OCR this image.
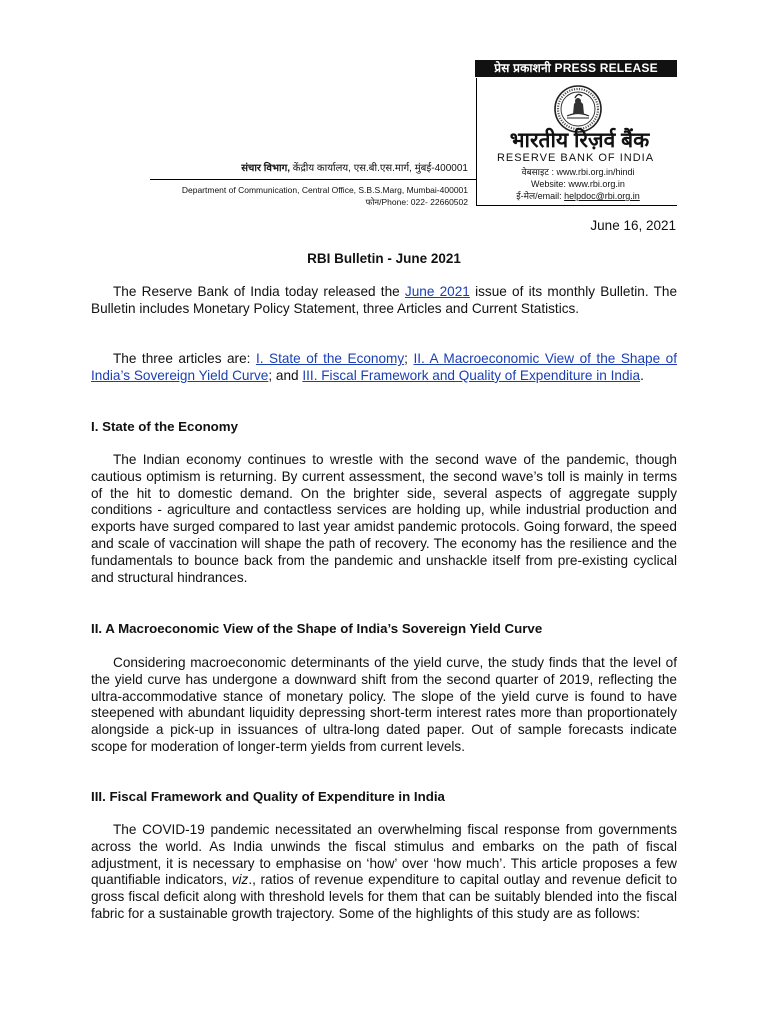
प्रेस प्रकाशनी PRESS RELEASE
भारतीय रिज़र्व बैंक
RESERVE BANK OF INDIA
वेबसाइट : www.rbi.org.in/hindi
Website: www.rbi.org.in
ई-मेल/email: helpdoc@rbi.org.in
संचार विभाग, केंद्रीय कार्यालय, एस.बी.एस.मार्ग, मुंबई-400001
Department of Communication, Central Office, S.B.S.Marg, Mumbai-400001
फोन/Phone: 022- 22660502
June 16, 2021
RBI Bulletin - June 2021

The Reserve Bank of India today released the June 2021 issue of its monthly Bulletin. The Bulletin includes Monetary Policy Statement, three Articles and Current Statistics.

The three articles are: I. State of the Economy; II. A Macroeconomic View of the Shape of India’s Sovereign Yield Curve; and III. Fiscal Framework and Quality of Expenditure in India.

I. State of the Economy

The Indian economy continues to wrestle with the second wave of the pandemic, though cautious optimism is returning. By current assessment, the second wave’s toll is mainly in terms of the hit to domestic demand. On the brighter side, several aspects of aggregate supply conditions - agriculture and contactless services are holding up, while industrial production and exports have surged compared to last year amidst pandemic protocols. Going forward, the speed and scale of vaccination will shape the path of recovery. The economy has the resilience and the fundamentals to bounce back from the pandemic and unshackle itself from pre-existing cyclical and structural hindrances.

II. A Macroeconomic View of the Shape of India’s Sovereign Yield Curve

Considering macroeconomic determinants of the yield curve, the study finds that the level of the yield curve has undergone a downward shift from the second quarter of 2019, reflecting the ultra-accommodative stance of monetary policy. The slope of the yield curve is found to have steepened with abundant liquidity depressing short-term interest rates more than proportionately alongside a pick-up in issuances of ultra-long dated paper. Out of sample forecasts indicate scope for moderation of longer-term yields from current levels.

III. Fiscal Framework and Quality of Expenditure in India

The COVID-19 pandemic necessitated an overwhelming fiscal response from governments across the world. As India unwinds the fiscal stimulus and embarks on the path of fiscal adjustment, it is necessary to emphasise on ‘how’ over ‘how much’. This article proposes a few quantifiable indicators, viz., ratios of revenue expenditure to capital outlay and revenue deficit to gross fiscal deficit along with threshold levels for them that can be suitably blended into the fiscal fabric for a sustainable growth trajectory. Some of the highlights of this study are as follows:
